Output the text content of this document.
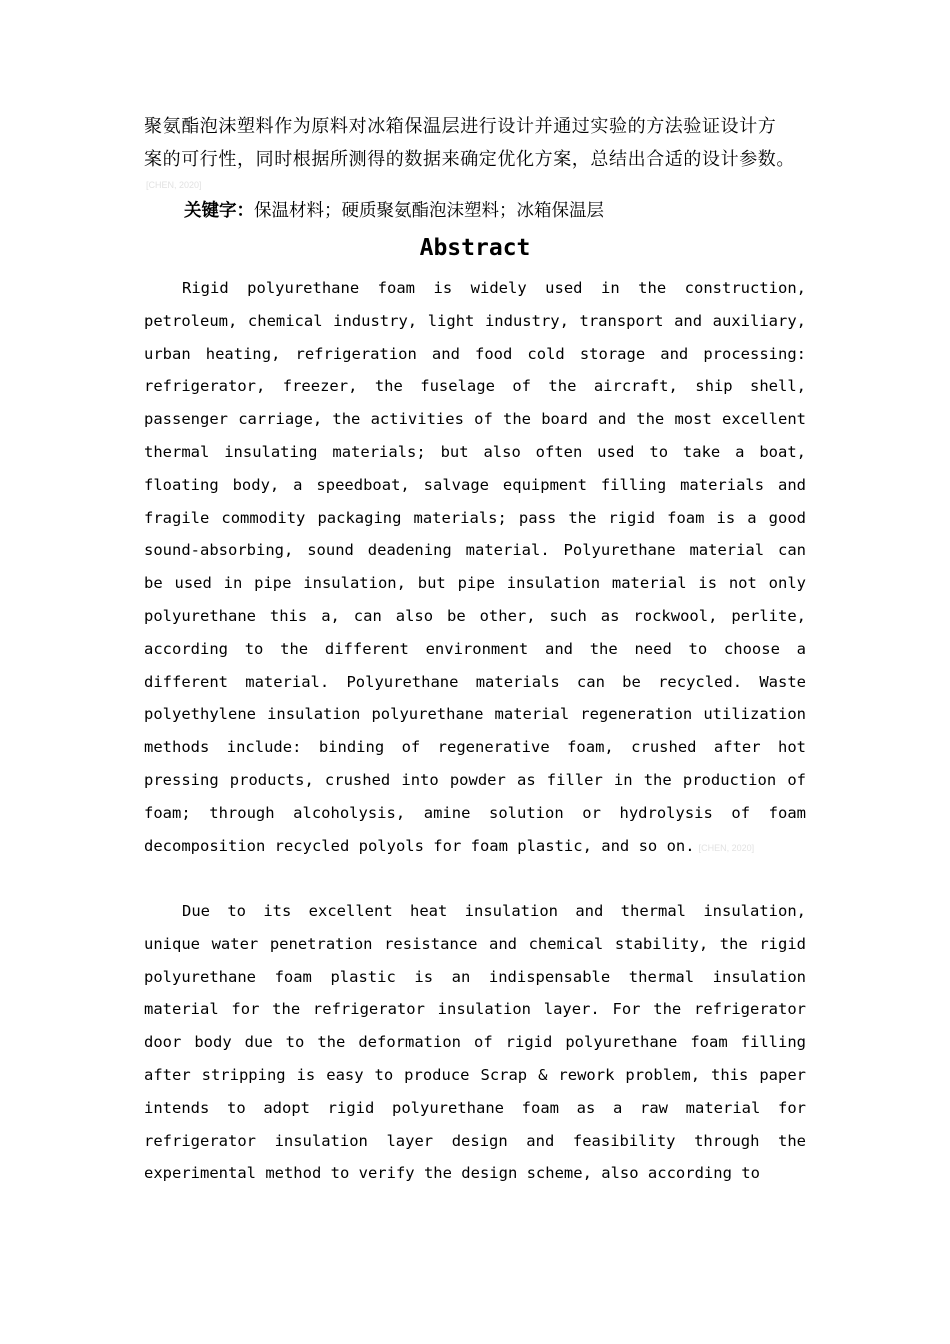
聚氨酯泡沫塑料作为原料对冰箱保温层进行设计并通过实验的方法验证设计方
案的可行性，同时根据所测得的数据来确定优化方案，总结出合适的设计参数。
[CHEN, 2020]
关键字：保温材料；硬质聚氨酯泡沫塑料；冰箱保温层
Abstract

Rigid polyurethane foam is widely used in the construction, petroleum, chemical industry, light industry, transport and auxiliary, urban heating, refrigeration and food cold storage and processing: refrigerator, freezer, the fuselage of the aircraft, ship shell, passenger carriage, the activities of the board and the most excellent thermal insulating materials; but also often used to take a boat, floating body, a speedboat, salvage equipment filling materials and fragile commodity packaging materials; pass the rigid foam is a good sound-absorbing, sound deadening material. Polyurethane material can be used in pipe insulation, but pipe insulation material is not only polyurethane this a, can also be other, such as rockwool, perlite, according to the different environment and the need to choose a different material. Polyurethane materials can be recycled. Waste polyethylene insulation polyurethane material regeneration utilization methods include: binding of regenerative foam, crushed after hot pressing products, crushed into powder as filler in the production of foam; through alcoholysis, amine solution or hydrolysis of foam decomposition recycled polyols for foam plastic, and so on. [CHEN, 2020]

Due to its excellent heat insulation and thermal insulation, unique water penetration resistance and chemical stability, the rigid polyurethane foam plastic is an indispensable thermal insulation material for the refrigerator insulation layer. For the refrigerator door body due to the deformation of rigid polyurethane foam filling after stripping is easy to produce Scrap & rework problem, this paper intends to adopt rigid polyurethane foam as a raw material for refrigerator insulation layer design and feasibility through the experimental method to verify the design scheme, also according to
